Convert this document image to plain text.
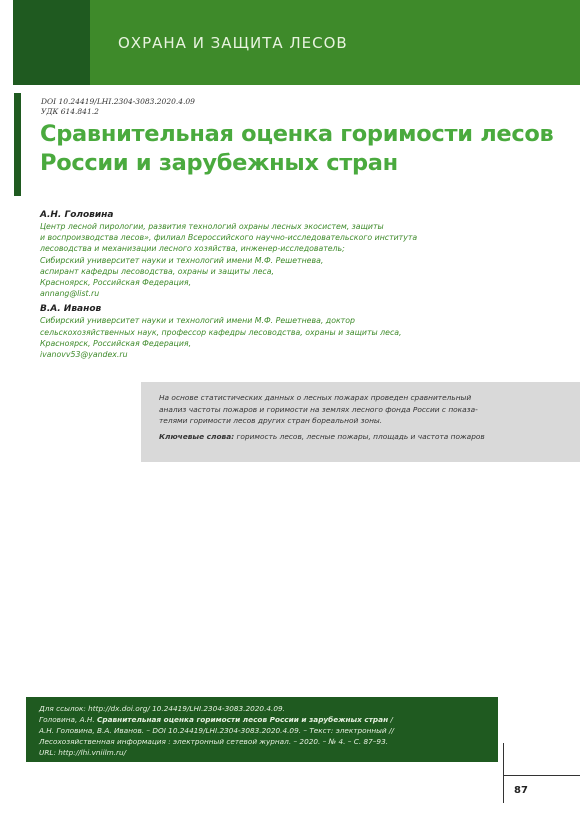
ОХРАНА И ЗАЩИТА ЛЕСОВ
DOI 10.24419/LHI.2304-3083.2020.4.09
УДК 614.841.2
Сравнительная оценка горимости лесов
России и зарубежных стран
А.Н. Головина

Центр лесной пирологии, развития технологий охраны лесных экосистем, защиты

и воспроизводства лесов», филиал Всероссийского научно-исследовательского института

лесоводства и механизации лесного хозяйства, инженер-исследователь;

Сибирский университет науки и технологий имени М.Ф. Решетнева,

аспирант кафедры лесоводства, охраны и защиты леса,

Красноярск, Российская Федерация,

annang@list.ru

В.А. Иванов

Сибирский университет науки и технологий имени М.Ф. Решетнева, доктор

сельскохозяйственных наук, профессор кафедры лесоводства, охраны и защиты леса,

Красноярск, Российская Федерация,

ivanovv53@yandex.ru

На основе статистических данных о лесных пожарах проведен сравнительный
анализ частоты пожаров и горимости на землях лесного фонда России с показа-
телями горимости лесов других стран бореальной зоны.
Ключевые слова: горимость лесов, лесные пожары, площадь и частота пожаров

Для ссылок: http://dx.doi.org/ 10.24419/LHI.2304-3083.2020.4.09.

Головина, А.Н. Сравнительная оценка горимости лесов России и зарубежных стран /

А.Н. Головина, В.А. Иванов. – DOI 10.24419/LHI.2304-3083.2020.4.09. – Текст: электронный //

Лесохозяйственная информация : электронный сетевой журнал. – 2020. – № 4. – С. 87–93.

URL: http://lhi.vniilm.ru/

87
